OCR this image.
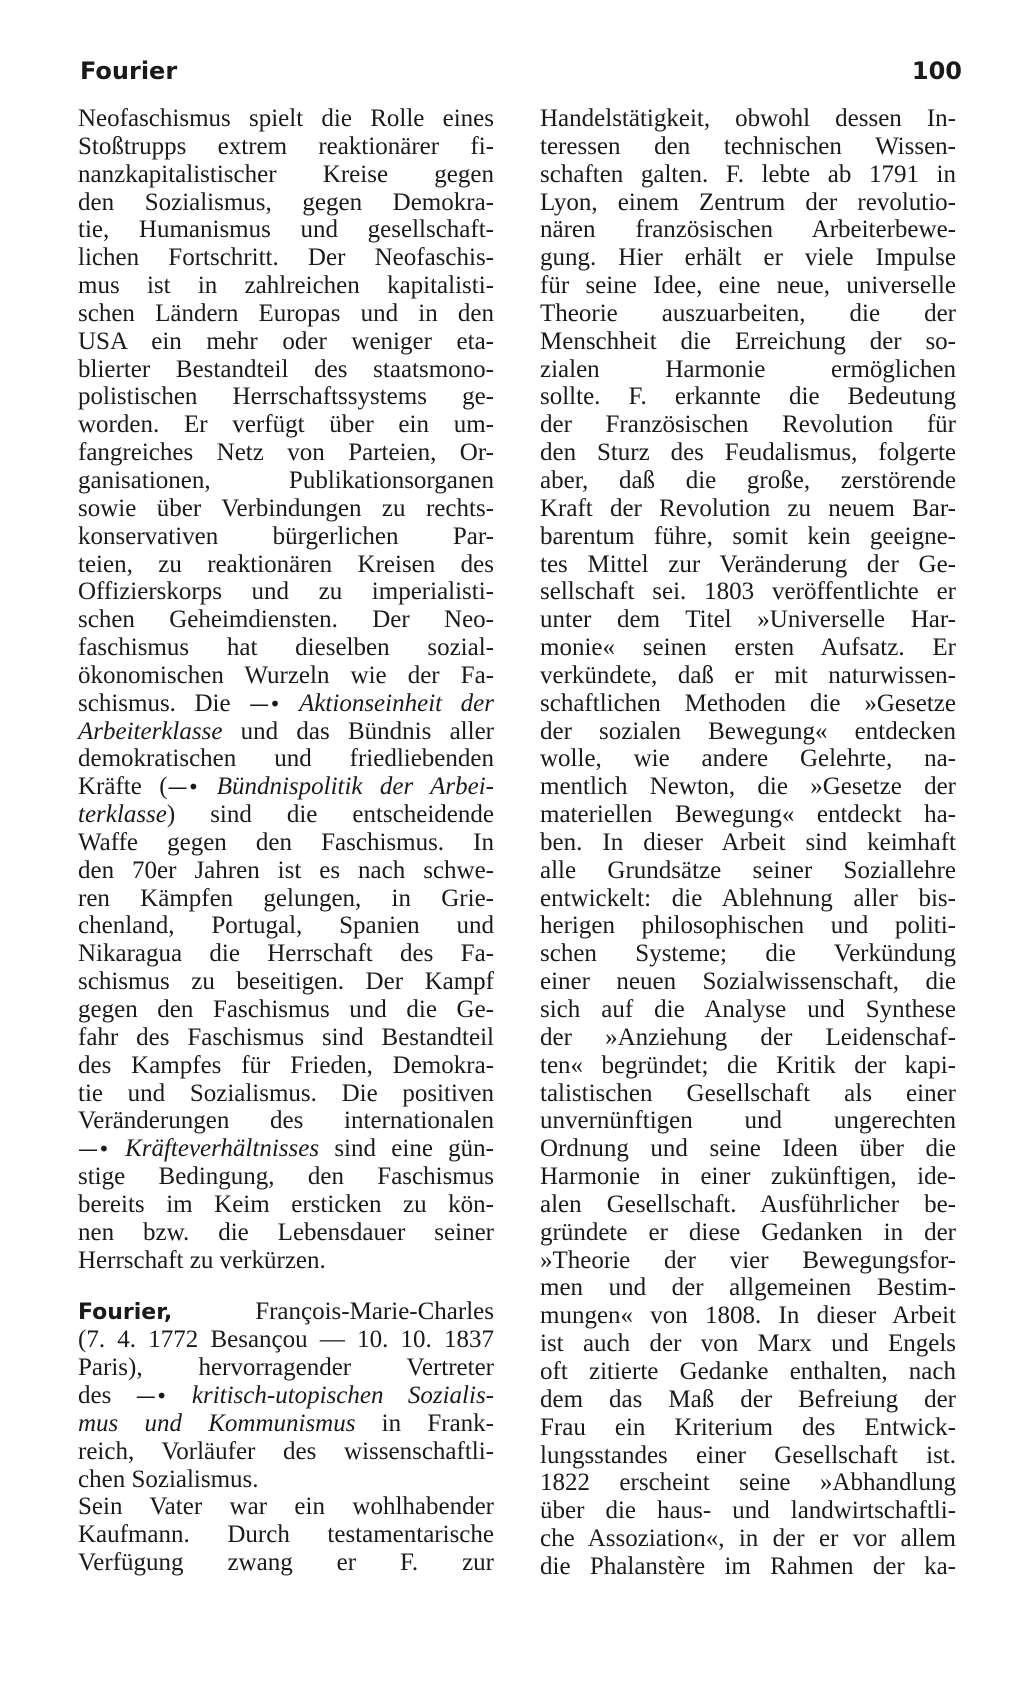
Fourier	100
Neofaschismus spielt die Rolle eines
Stoßtrupps extrem reaktionärer fi-
nanzkapitalistischer Kreise gegen
den Sozialismus, gegen Demokra-
tie, Humanismus und gesellschaft-
lichen Fortschritt. Der Neofaschis-
mus ist in zahlreichen kapitalisti-
schen Ländern Europas und in den
USA ein mehr oder weniger eta-
blierter Bestandteil des staatsmono-
polistischen Herrschaftssystems ge-
worden. Er verfügt über ein um-
fangreiches Netz von Parteien, Or-
ganisationen, Publikationsorganen
sowie über Verbindungen zu rechts-
konservativen bürgerlichen Par-
teien, zu reaktionären Kreisen des
Offizierskorps und zu imperialisti-
schen Geheimdiensten. Der Neo-
faschismus hat dieselben sozial-
ökonomischen Wurzeln wie der Fa-
schismus. Die —• Aktionseinheit der
Arbeiterklasse und das Bündnis aller
demokratischen und friedliebenden
Kräfte (—• Bündnispolitik der Arbei-
terklasse) sind die entscheidende
Waffe gegen den Faschismus. In
den 70er Jahren ist es nach schwe-
ren Kämpfen gelungen, in Grie-
chenland, Portugal, Spanien und
Nikaragua die Herrschaft des Fa-
schismus zu beseitigen. Der Kampf
gegen den Faschismus und die Ge-
fahr des Faschismus sind Bestandteil
des Kampfes für Frieden, Demokra-
tie und Sozialismus. Die positiven
Veränderungen des internationalen
—• Kräfteverhältnisses sind eine gün-
stige Bedingung, den Faschismus
bereits im Keim ersticken zu kön-
nen bzw. die Lebensdauer seiner
Herrschaft zu verkürzen.
Fourier, François-Marie-Charles
(7. 4. 1772 Besançou — 10. 10. 1837
Paris), hervorragender Vertreter
des —• kritisch-utopischen Sozialis-
mus und Kommunismus in Frank-
reich, Vorläufer des wissenschaftli-
chen Sozialismus.
Sein Vater war ein wohlhabender
Kaufmann. Durch testamentarische
Verfügung zwang er F. zur
Handelstätigkeit, obwohl dessen In-
teressen den technischen Wissen-
schaften galten. F. lebte ab 1791 in
Lyon, einem Zentrum der revolutio-
nären französischen Arbeiterbewe-
gung. Hier erhält er viele Impulse
für seine Idee, eine neue, universelle
Theorie auszuarbeiten, die der
Menschheit die Erreichung der so-
zialen Harmonie ermöglichen
sollte. F. erkannte die Bedeutung
der Französischen Revolution für
den Sturz des Feudalismus, folgerte
aber, daß die große, zerstörende
Kraft der Revolution zu neuem Bar-
barentum führe, somit kein geeigne-
tes Mittel zur Veränderung der Ge-
sellschaft sei. 1803 veröffentlichte er
unter dem Titel »Universelle Har-
monie« seinen ersten Aufsatz. Er
verkündete, daß er mit naturwissen-
schaftlichen Methoden die »Gesetze
der sozialen Bewegung« entdecken
wolle, wie andere Gelehrte, na-
mentlich Newton, die »Gesetze der
materiellen Bewegung« entdeckt ha-
ben. In dieser Arbeit sind keimhaft
alle Grundsätze seiner Soziallehre
entwickelt: die Ablehnung aller bis-
herigen philosophischen und politi-
schen Systeme; die Verkündung
einer neuen Sozialwissenschaft, die
sich auf die Analyse und Synthese
der »Anziehung der Leidenschaf-
ten« begründet; die Kritik der kapi-
talistischen Gesellschaft als einer
unvernünftigen und ungerechten
Ordnung und seine Ideen über die
Harmonie in einer zukünftigen, ide-
alen Gesellschaft. Ausführlicher be-
gründete er diese Gedanken in der
»Theorie der vier Bewegungsfor-
men und der allgemeinen Bestim-
mungen« von 1808. In dieser Arbeit
ist auch der von Marx und Engels
oft zitierte Gedanke enthalten, nach
dem das Maß der Befreiung der
Frau ein Kriterium des Entwick-
lungsstandes einer Gesellschaft ist.
1822 erscheint seine »Abhandlung
über die haus- und landwirtschaftli-
che Assoziation«, in der er vor allem
die Phalanstère im Rahmen der ka-
